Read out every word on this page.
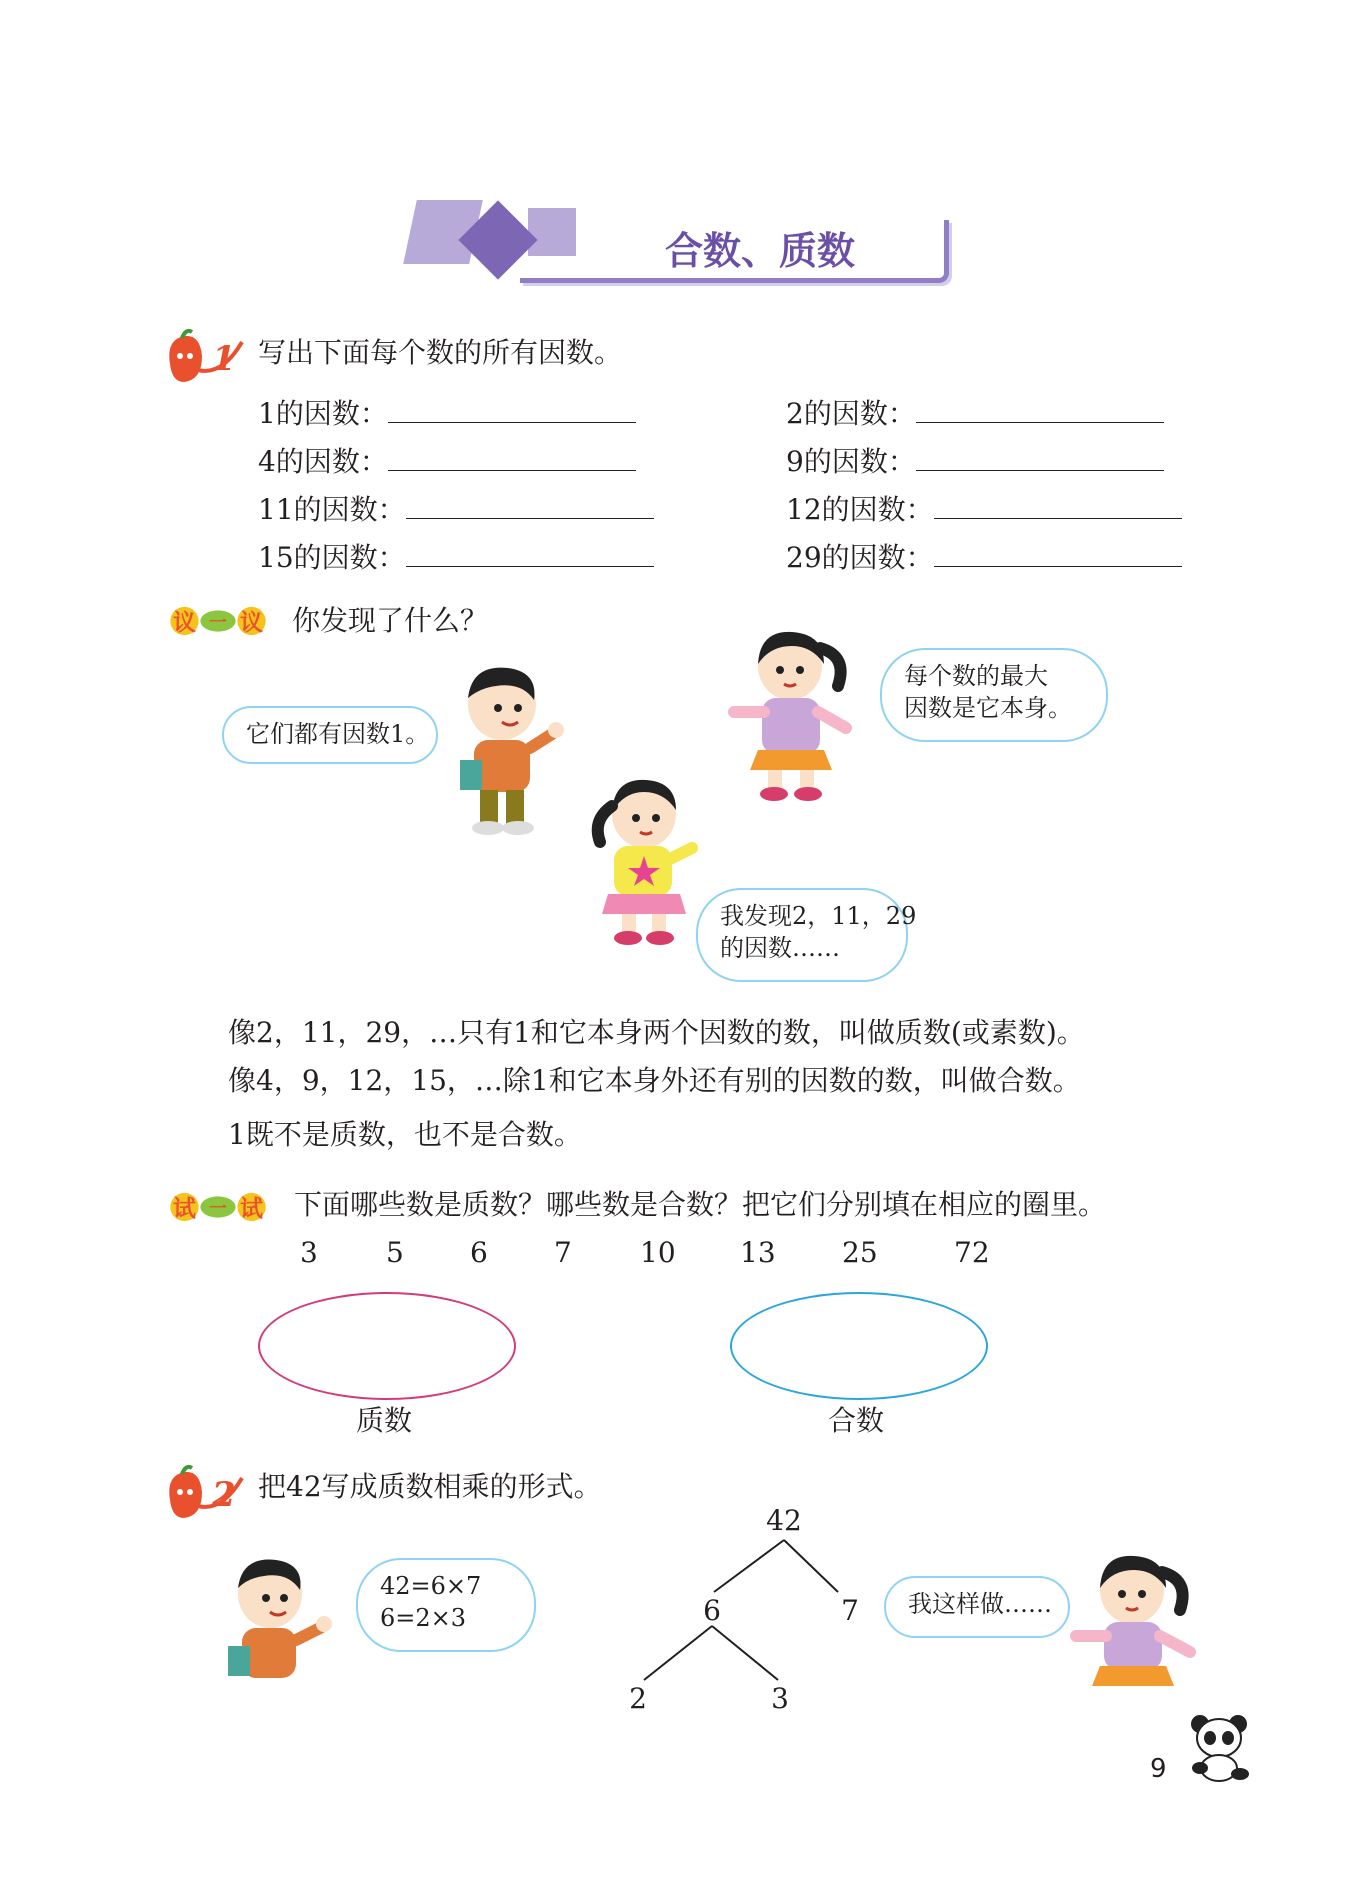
合数、质数
1 写出下面每个数的所有因数。
1的因数：	2的因数：
4的因数：	9的因数：
11的因数：	12的因数：
15的因数：	29的因数：
议 一 议 你发现了什么？
它们都有因数1。
每个数的最大
因数是它本身。
我发现2，11，29
的因数……
像2，11，29，…只有1和它本身两个因数的数，叫做质数(或素数)。
像4，9，12，15，…除1和它本身外还有别的因数的数，叫做合数。
1既不是质数，也不是合数。
试 一 试 下面哪些数是质数？哪些数是合数？把它们分别填在相应的圈里。
3 5 6 7 10 13 25	72
质数	合数
2 把42写成质数相乘的形式。
42=6×7
6=2×3
42
6	7
2	3
我这样做……
9
